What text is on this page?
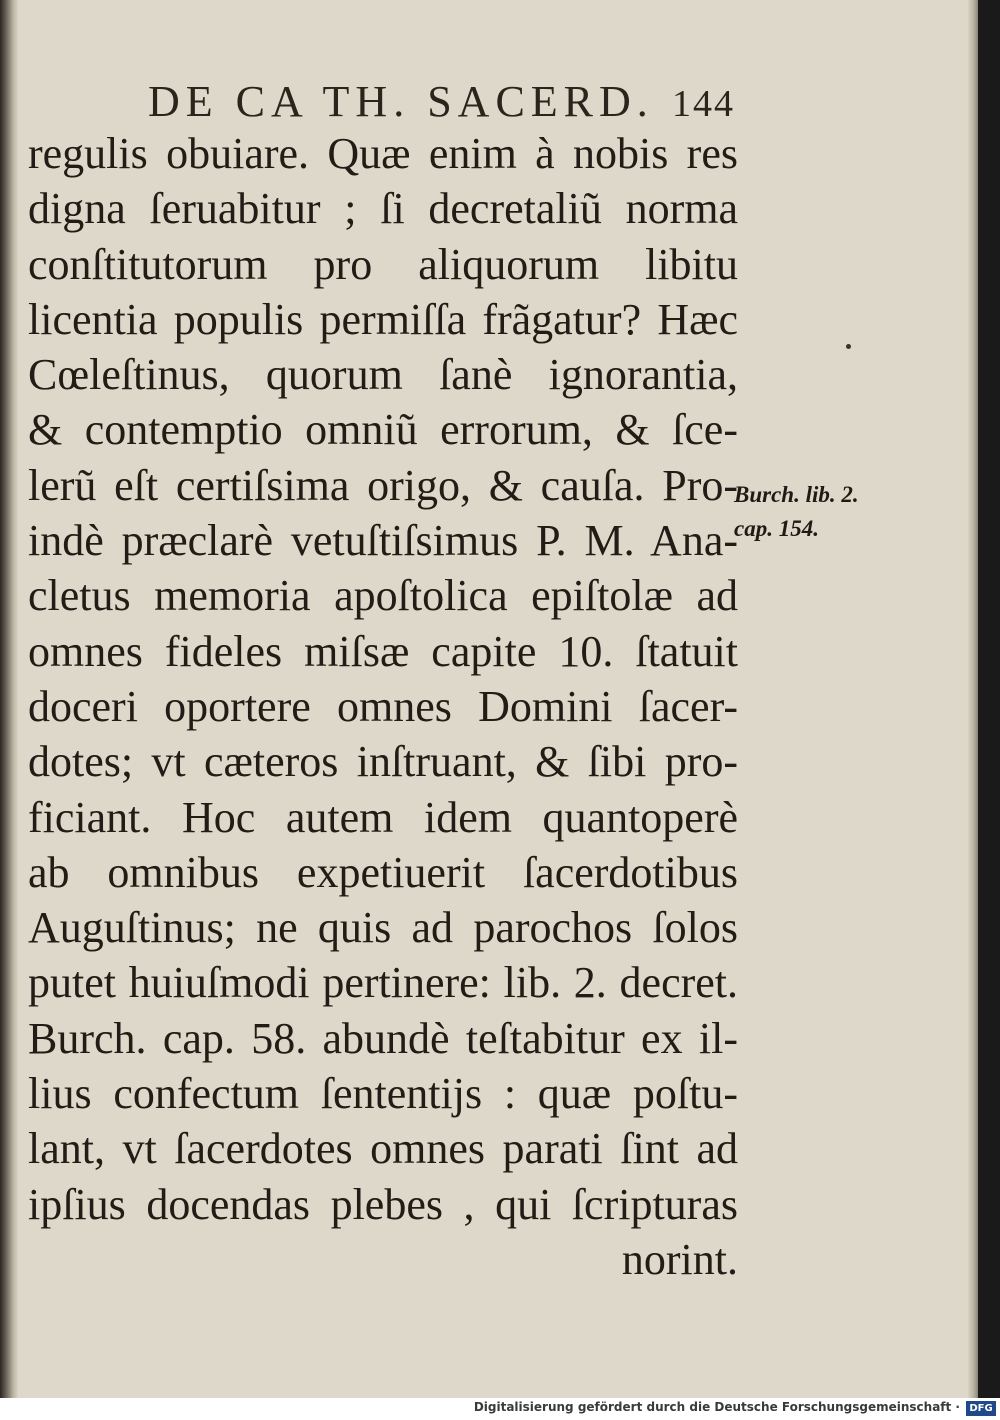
DE CA TH. SACERD. 144
regulis obuiare. Quæ enim à nobis res
digna ſeruabitur ; ſi decretaliũ norma
conſtitutorum pro aliquorum libitu
licentia populis permiſſa frãgatur? Hæc
Cœleſtinus, quorum ſanè ignorantia,
& contemptio omniũ errorum, & ſce-
lerũ eſt certiſsima origo, & cauſa. Pro-
indè præclarè vetuſtiſsimus P. M. Ana-
cletus memoria apoſtolica epiſtolæ ad
omnes fideles miſsæ capite 10. ſtatuit
doceri oportere omnes Domini ſacer-
dotes; vt cæteros inſtruant, & ſibi pro-
ficiant. Hoc autem idem quantoperè
ab omnibus expetiuerit ſacerdotibus
Auguſtinus; ne quis ad parochos ſolos
putet huiuſmodi pertinere: lib. 2. decret.
Burch. cap. 58. abundè teſtabitur ex il-
lius confectum ſententijs : quæ poſtu-
lant, vt ſacerdotes omnes parati ſint ad
ipſius docendas plebes , qui ſcripturas
norint.
Burch. lib. 2.
cap. 154.
Digitalisierung gefördert durch die Deutsche Forschungsgemeinschaft · DFG
